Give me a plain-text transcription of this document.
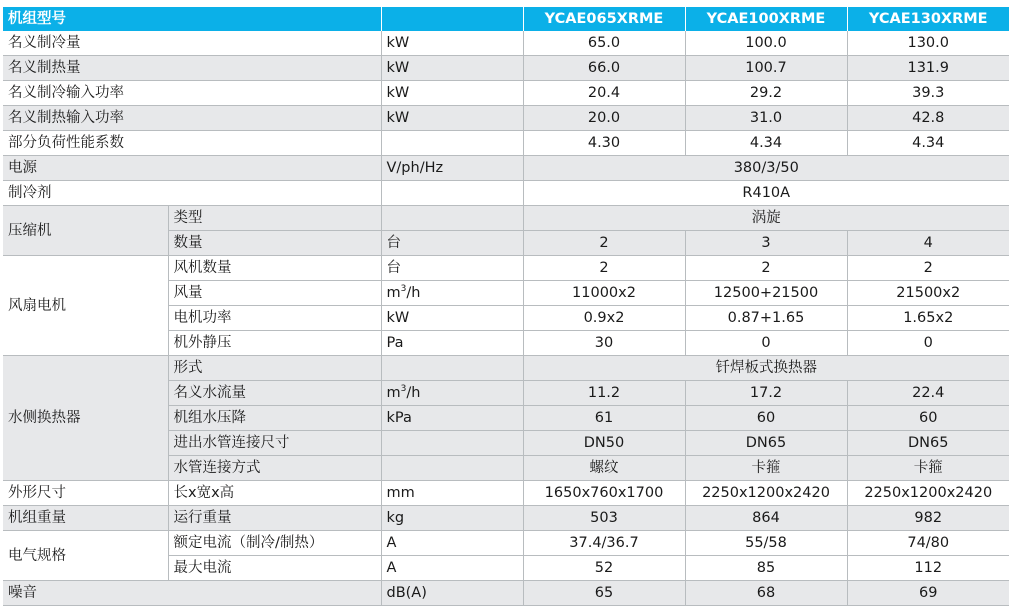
机组型号			YCAE065XRME	YCAE100XRME	YCAE130XRME
名义制冷量		kW	65.0	100.0	130.0
名义制热量		kW	66.0	100.7	131.9
名义制冷输入功率		kW	20.4	29.2	39.3
名义制热输入功率		kW	20.0	31.0	42.8
部分负荷性能系数			4.30	4.34	4.34
电源		V/ph/Hz	380/3/50		
制冷剂			R410A		
压缩机	类型		涡旋		
	数量	台	2	3	4
风扇电机	风机数量	台	2	2	2
	风量	$m^3/h$	11000x2	12500+21500	21500x2
	电机功率	kW	0.9x2	0.87+1.65	1.65x2
	机外静压	Pa	30	0	0
水侧换热器	形式		钎焊板式换热器		
	名义水流量	$m^3/h$	11.2	17.2	22.4
	机组水压降	kPa	61	60	60
	进出水管连接尺寸		DN50	DN65	DN65
	水管连接方式		螺纹	卡箍	卡箍
外形尺寸	长x宽x高	mm	1650x760x1700	2250x1200x2420	2250x1200x2420
机组重量	运行重量	kg	503	864	982
电气规格	额定电流（制冷/制热）	A	37.4/36.7	55/58	74/80
	最大电流	A	52	85	112
噪音		dB(A)	65	68	69
